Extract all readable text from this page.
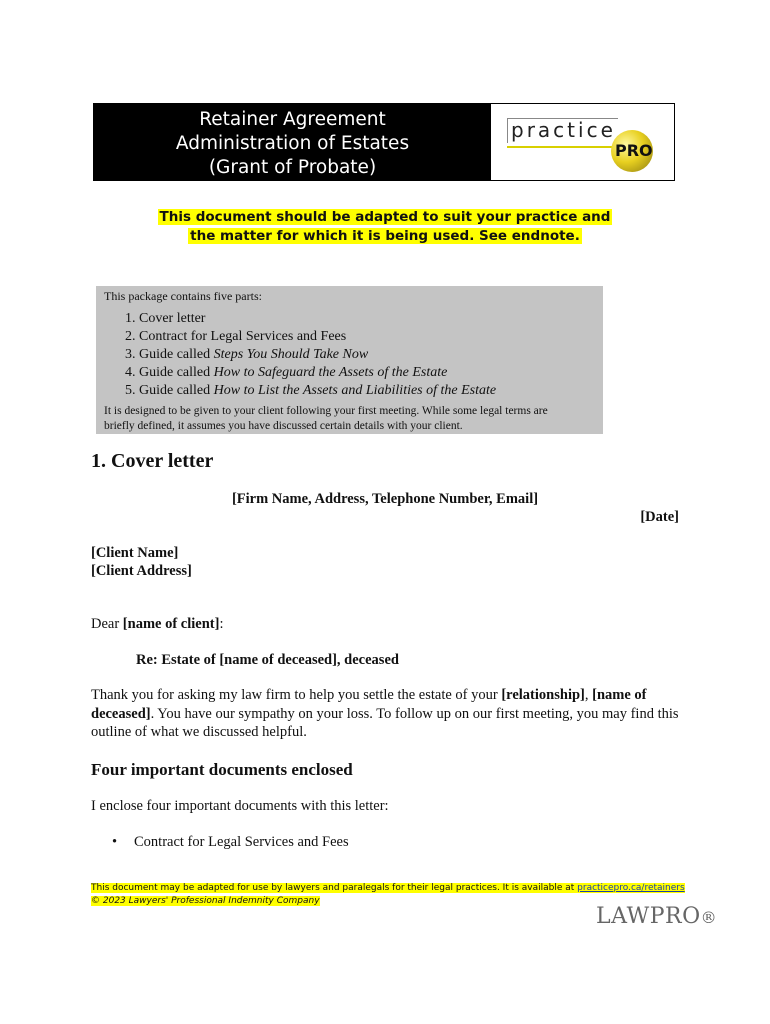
Retainer Agreement
Administration of Estates
(Grant of Probate)
practice
PRO
This document should be adapted to suit your practice and
the matter for which it is being used. See endnote.
This package contains five parts:
1. Cover letter
2. Contract for Legal Services and Fees
3. Guide called Steps You Should Take Now
4. Guide called How to Safeguard the Assets of the Estate
5. Guide called How to List the Assets and Liabilities of the Estate
It is designed to be given to your client following your first meeting. While some legal terms are
briefly defined, it assumes you have discussed certain details with your client.
1. Cover letter
[Firm Name, Address, Telephone Number, Email]
[Date]
[Client Name]
[Client Address]
Dear [name of client]:
Re: Estate of [name of deceased], deceased
Thank you for asking my law firm to help you settle the estate of your [relationship], [name of deceased]. You have our sympathy on your loss. To follow up on our first meeting, you may find this outline of what we discussed helpful.
Four important documents enclosed
I enclose four important documents with this letter:
• Contract for Legal Services and Fees
This document may be adapted for use by lawyers and paralegals for their legal practices. It is available at practicepro.ca/retainers
© 2023 Lawyers' Professional Indemnity Company
LAWPRO®
